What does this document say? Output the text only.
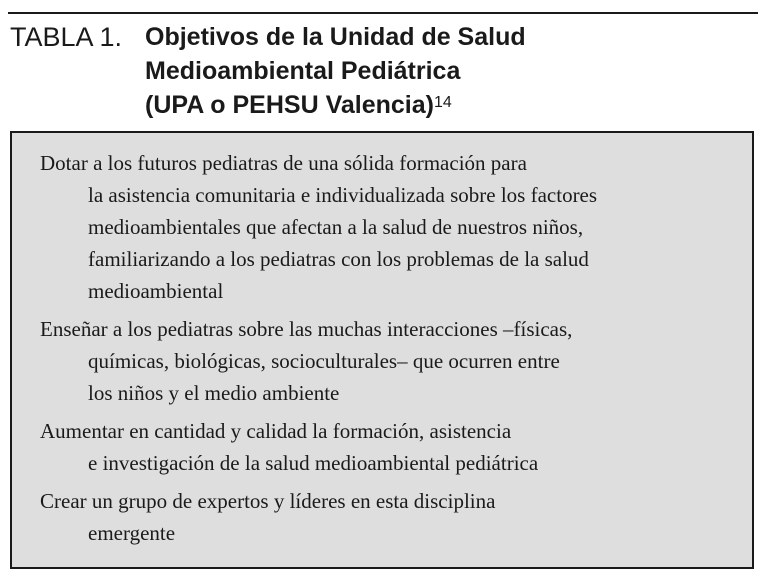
TABLA 1. Objetivos de la Unidad de Salud
Medioambiental Pediátrica
(UPA o PEHSU Valencia)$^{14}$
Dotar a los futuros pediatras de una sólida formación para
la asistencia comunitaria e individualizada sobre los factores
medioambientales que afectan a la salud de nuestros niños,
familiarizando a los pediatras con los problemas de la salud
medioambiental
Enseñar a los pediatras sobre las muchas interacciones –físicas,
químicas, biológicas, socioculturales– que ocurren entre
los niños y el medio ambiente
Aumentar en cantidad y calidad la formación, asistencia
e investigación de la salud medioambiental pediátrica
Crear un grupo de expertos y líderes en esta disciplina
emergente
